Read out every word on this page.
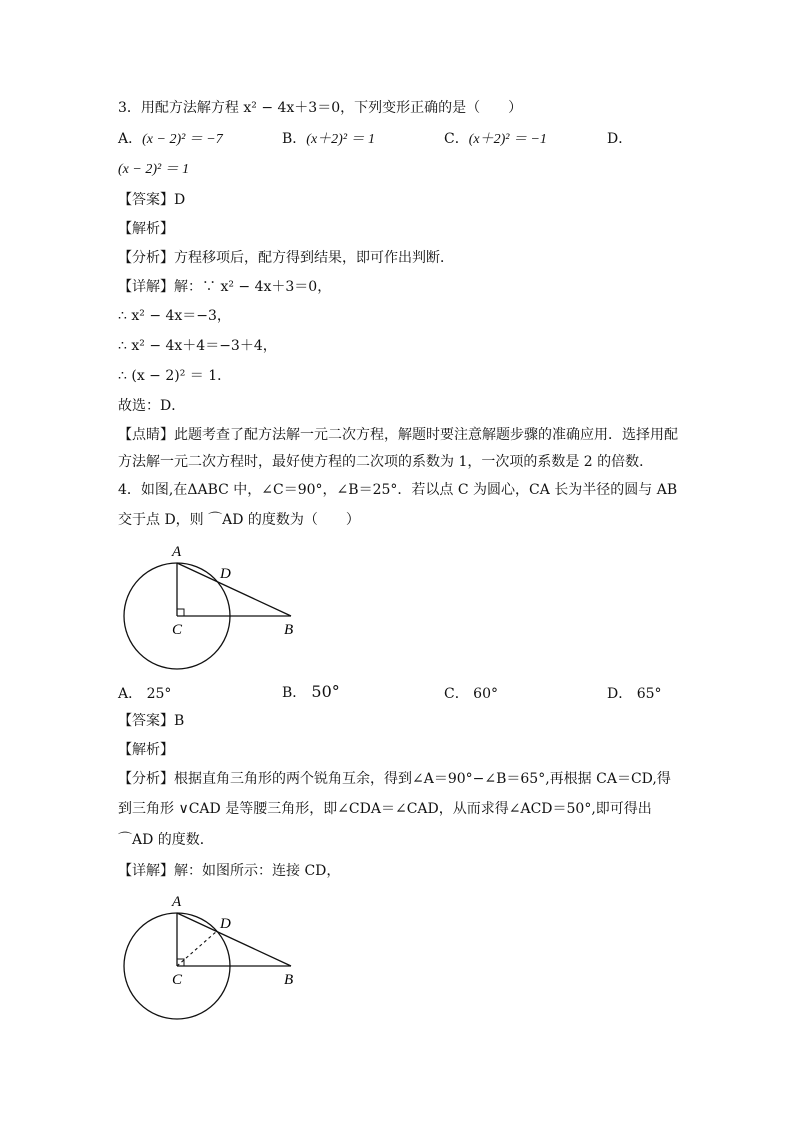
3．用配方法解方程 x² − 4x＋3＝0，下列变形正确的是（　　）
A．(x − 2)² ＝ −7	B．(x＋2)² ＝ 1	C．(x＋2)² ＝ −1	D．
(x − 2)² ＝ 1
【答案】D
【解析】
【分析】方程移项后，配方得到结果，即可作出判断．
【详解】解：∵ x² − 4x＋3＝0，
∴ x² − 4x＝−3，
∴ x² − 4x＋4＝−3＋4，
∴ (x − 2)² ＝ 1．
故选：D．
【点睛】此题考查了配方法解一元二次方程，解题时要注意解题步骤的准确应用．选择用配
方法解一元二次方程时，最好使方程的二次项的系数为 1，一次项的系数是 2 的倍数．
4．如图,在ΔABC 中，∠C＝90°，∠B＝25°．若以点 C 为圆心，CA 长为半径的圆与 AB
交于点 D，则 ⌒AD 的度数为（　　）
A
D
C	B
A． 25°	B． 50°	C． 60°	D． 65°
【答案】B
【解析】
【分析】根据直角三角形的两个锐角互余，得到∠A＝90°−∠B＝65°,再根据 CA＝CD,得
到三角形 ∨CAD 是等腰三角形，即∠CDA＝∠CAD，从而求得∠ACD＝50°,即可得出
⌒AD 的度数．
【详解】解：如图所示：连接 CD，
A
D
C	B
